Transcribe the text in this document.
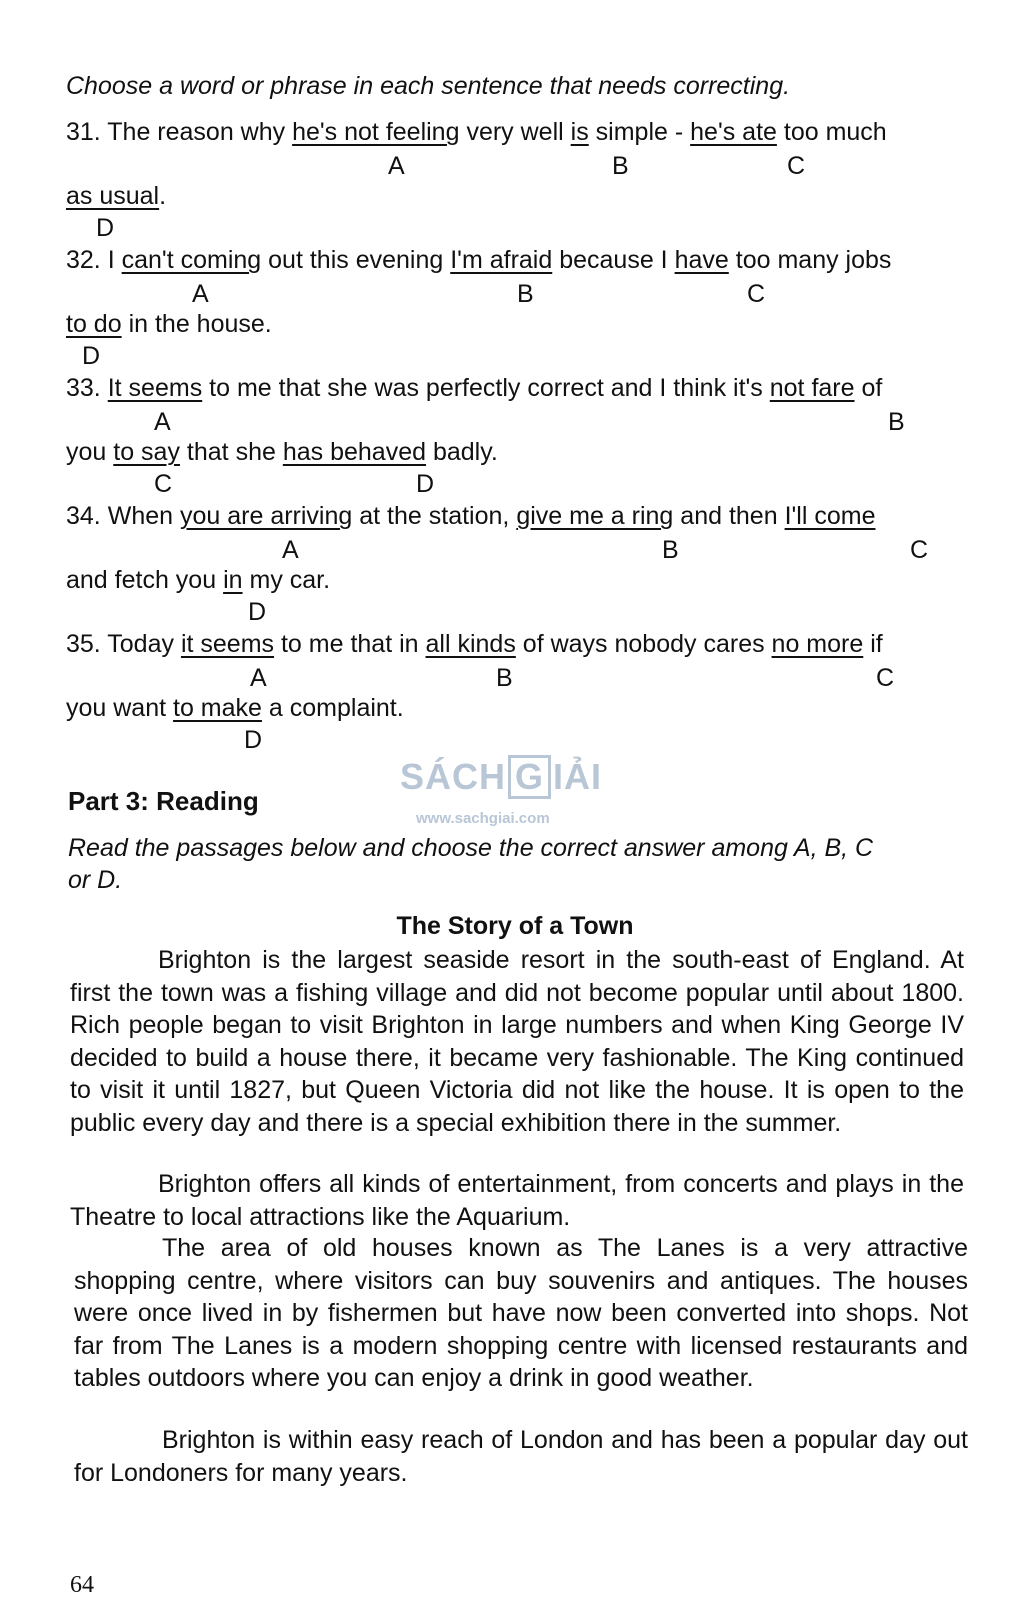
Choose a word or phrase in each sentence that needs correcting.
31. The reason why he's not feeling very well is simple - he's ate too much
A	B	C
as usual.
D
32. I can't coming out this evening I'm afraid because I have too many jobs
A	B	C
to do in the house.
D
33. It seems to me that she was perfectly correct and I think it's not fare of
A	B
you to say that she has behaved badly.
C	D
34. When you are arriving at the station, give me a ring and then I'll come
A	B	C
and fetch you in my car.
D
35. Today it seems to me that in all kinds of ways nobody cares no more if
A	B	C
you want to make a complaint.
D
SÁCH G IẢI
www.sachgiai.com
Part 3: Reading
Read the passages below and choose the correct answer among A, B, C
or D.
The Story of a Town
Brighton is the largest seaside resort in the south-east of England. At first the town was a fishing village and did not become popular until about 1800. Rich people began to visit Brighton in large numbers and when King George IV decided to build a house there, it became very fashionable. The King continued to visit it until 1827, but Queen Victoria did not like the house. It is open to the public every day and there is a special exhibition there in the summer.
Brighton offers all kinds of entertainment, from concerts and plays in the Theatre to local attractions like the Aquarium.
The area of old houses known as The Lanes is a very attractive shopping centre, where visitors can buy souvenirs and antiques. The houses were once lived in by fishermen but have now been converted into shops. Not far from The Lanes is a modern shopping centre with licensed restaurants and tables outdoors where you can enjoy a drink in good weather.
Brighton is within easy reach of London and has been a popular day out for Londoners for many years.
64
